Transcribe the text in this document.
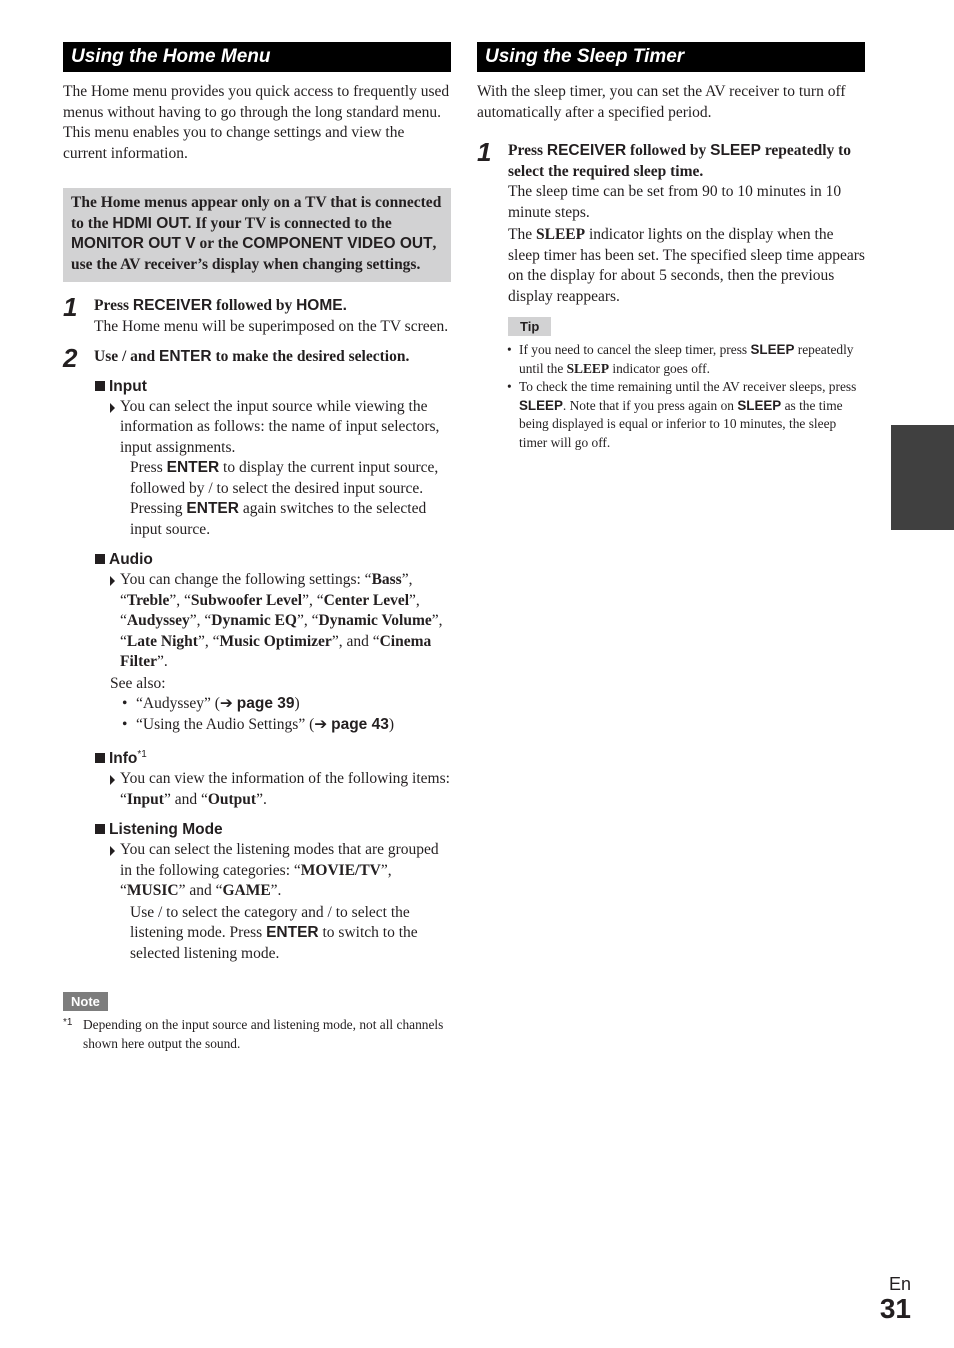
Using the Home Menu

The Home menu provides you quick access to frequently used menus without having to go through the long standard menu. This menu enables you to change settings and view the current information.

The Home menus appear only on a TV that is connected to the HDMI OUT. If your TV is connected to the MONITOR OUT V or the COMPONENT VIDEO OUT, use the AV receiver’s display when changing settings.
1 Press RECEIVER followed by HOME.

The Home menu will be superimposed on the TV screen.

2 Use / and ENTER to make the desired selection.
Input

You can select the input source while viewing the information as follows: the name of input selectors, input assignments.

Press ENTER to display the current input source, followed by / to select the desired input source. Pressing ENTER again switches to the selected input source.

Audio

You can change the following settings: “Bass”, “Treble”, “Subwoofer Level”, “Center Level”, “Audyssey”, “Dynamic EQ”, “Dynamic Volume”, “Late Night”, “Music Optimizer”, and “Cinema Filter”.

See also:

• “Audyssey” (➔ page 39)

• “Using the Audio Settings” (➔ page 43)

Info$^{*1}$

You can view the information of the following items: “Input” and “Output”.

Listening Mode

You can select the listening modes that are grouped in the following categories: “MOVIE/TV”, “MUSIC” and “GAME”.

Use / to select the category and / to select the listening mode. Press ENTER to switch to the selected listening mode.

Note

*1 Depending on the input source and listening mode, not all channels shown here output the sound.

Using the Sleep Timer

With the sleep timer, you can set the AV receiver to turn off automatically after a specified period.

1 Press RECEIVER followed by SLEEP repeatedly to select the required sleep time.

The sleep time can be set from 90 to 10 minutes in 10 minute steps.

The SLEEP indicator lights on the display when the sleep timer has been set. The specified sleep time appears on the display for about 5 seconds, then the previous display reappears.

Tip

• If you need to cancel the sleep timer, press SLEEP repeatedly until the SLEEP indicator goes off.

• To check the time remaining until the AV receiver sleeps, press SLEEP. Note that if you press again on SLEEP as the time being displayed is equal or inferior to 10 minutes, the sleep timer will go off.

En
31
